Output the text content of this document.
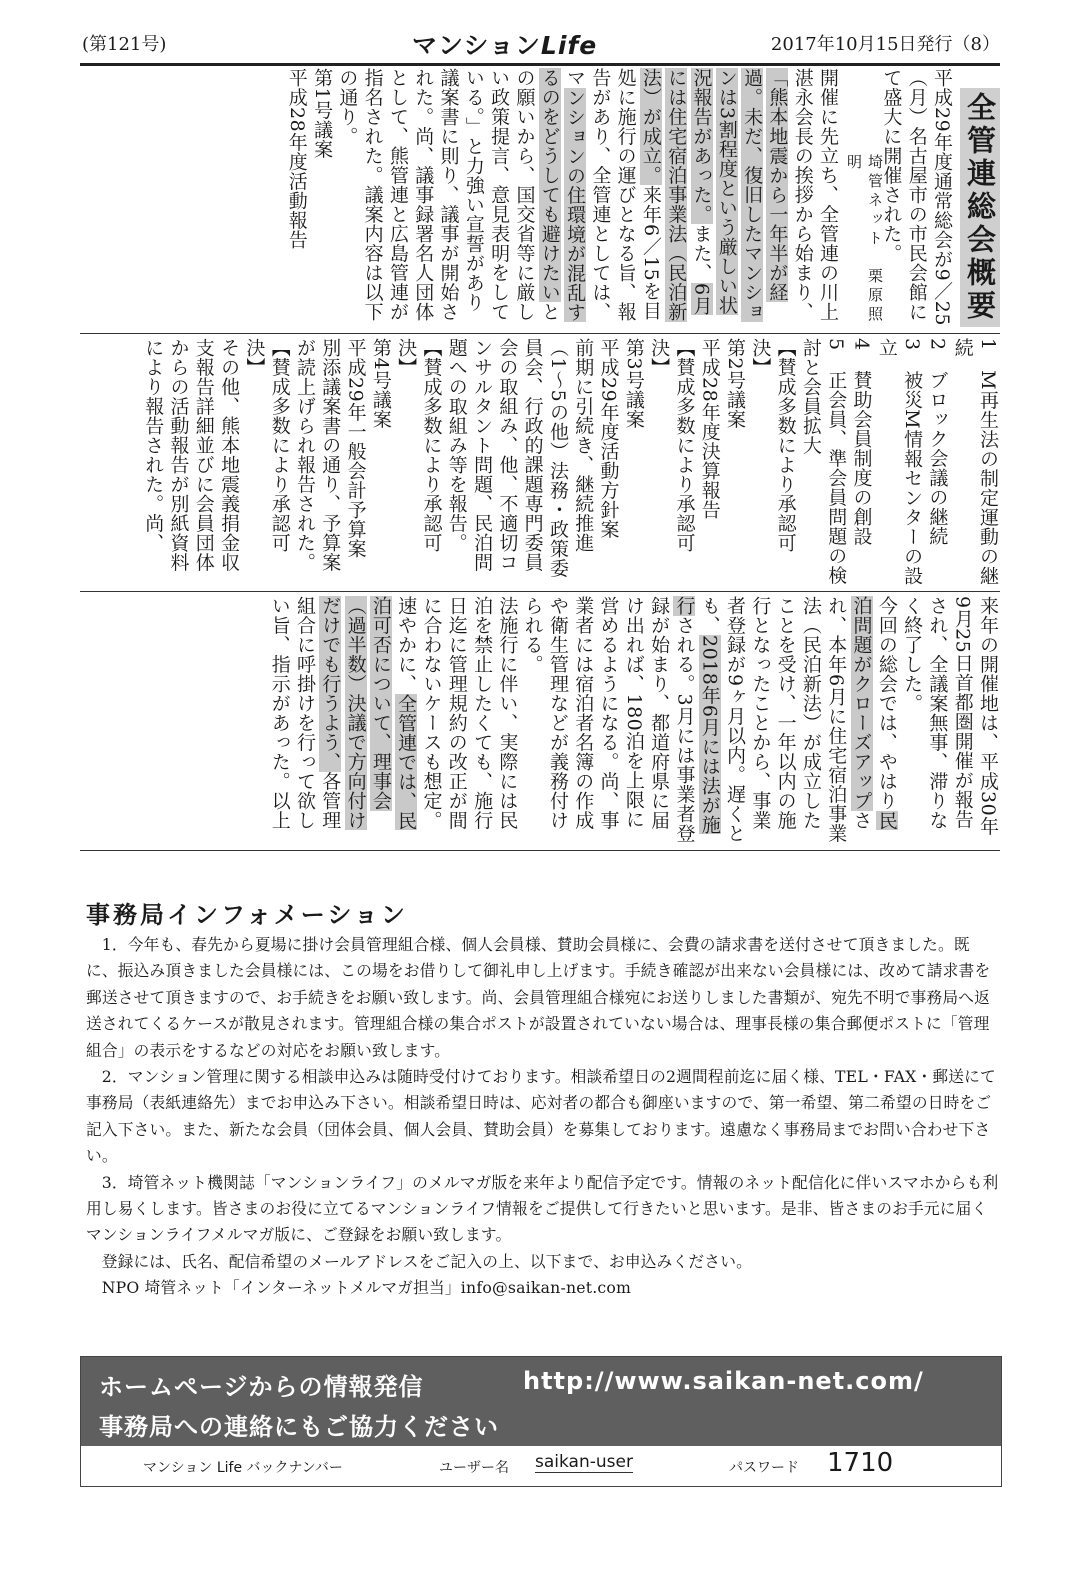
(第121号)	マンションLife	2017年10月15日発行（8）
全管連総会概要
平成29年度通常総会が9／25（月）名古屋市の市民会館にて盛大に開催された。
埼管ネット　栗原照明
開催に先立ち、全管連の川上湛永会長の挨拶から始まり、「熊本地震から一年半が経過。未だ、復旧したマンションは3割程度という厳しい状況報告があった。また、6月には住宅宿泊事業法（民泊新法）が成立。来年6／15を目処に施行の運びとなる旨、報告があり、全管連としては、マンションの住環境が混乱するのをどうしても避けたいとの願いから、国交省等に厳しい政策提言、意見表明をしている。」と力強い宣誓があり議案書に則り、議事が開始された。尚、議事録署名人団体として、熊管連と広島管連が指名された。議案内容は以下の通り。
第1号議案
平成28年度活動報告
1　M再生法の制定運動の継続
2　ブロック会議の継続
3　被災M情報センターの設立
4　賛助会員制度の創設
5　正会員、準会員問題の検討と会員拡大
【賛成多数により承認可決】
第2号議案
平成28年度決算報告
【賛成多数により承認可決】
第3号議案
平成29年度活動方針案
前期に引続き、継続推進（1〜5の他）法務・政策委員会、行政的課題専門委員会の取組み、他、不適切コンサルタント問題、民泊問題への取組み等を報告。
【賛成多数により承認可決】
第4号議案
平成29年一般会計予算案
別添議案書の通り、予算案が読上げられ報告された。
【賛成多数により承認可決】
その他、熊本地震義捐金収支報告詳細並びに会員団体からの活動報告が別紙資料により報告された。尚、
来年の開催地は、平成30年9月25日首都圏開催が報告され、全議案無事、滞りなく終了した。
今回の総会では、やはり民泊問題がクローズアップされ、本年6月に住宅宿泊事業法（民泊新法）が成立したことを受け、一年以内の施行となったことから、事業者登録が9ヶ月以内。遅くとも、2018年6月には法が施行される。3月には事業者登録が始まり、都道府県に届け出れば、180泊を上限に営めるようになる。尚、事業者には宿泊者名簿の作成や衛生管理などが義務付けられる。
法施行に伴い、実際には民泊を禁止したくても、施行日迄に管理規約の改正が間に合わないケースも想定。速やかに、全管連では、民泊可否について、理事会（過半数）決議で方向付けだけでも行うよう、各管理組合に呼掛けを行って欲しい旨、指示があった。以上
事務局インフォメーション

1．今年も、春先から夏場に掛け会員管理組合様、個人会員様、賛助会員様に、会費の請求書を送付させて頂きました。既に、振込み頂きました会員様には、この場をお借りして御礼申し上げます。手続き確認が出来ない会員様には、改めて請求書を郵送させて頂きますので、お手続きをお願い致します。尚、会員管理組合様宛にお送りしました書類が、宛先不明で事務局へ返送されてくるケースが散見されます。管理組合様の集合ポストが設置されていない場合は、理事長様の集合郵便ポストに「管理組合」の表示をするなどの対応をお願い致します。

2．マンション管理に関する相談申込みは随時受付けております。相談希望日の2週間程前迄に届く様、TEL・FAX・郵送にて事務局（表紙連絡先）までお申込み下さい。相談希望日時は、応対者の都合も御座いますので、第一希望、第二希望の日時をご記入下さい。また、新たな会員（団体会員、個人会員、賛助会員）を募集しております。遠慮なく事務局までお問い合わせ下さい。

3．埼管ネット機関誌「マンションライフ」のメルマガ版を来年より配信予定です。情報のネット配信化に伴いスマホからも利用し易くします。皆さまのお役に立てるマンションライフ情報をご提供して行きたいと思います。是非、皆さまのお手元に届くマンションライフメルマガ版に、ご登録をお願い致します。

登録には、氏名、配信希望のメールアドレスをご記入の上、以下まで、お申込みください。

NPO 埼管ネット「インターネットメルマガ担当」info@saikan-net.com

ホームページからの情報発信	http://www.saikan-net.com/
事務局への連絡にもご協力ください
マンション Life バックナンバー	ユーザー名 saikan-user	パスワード 1710
